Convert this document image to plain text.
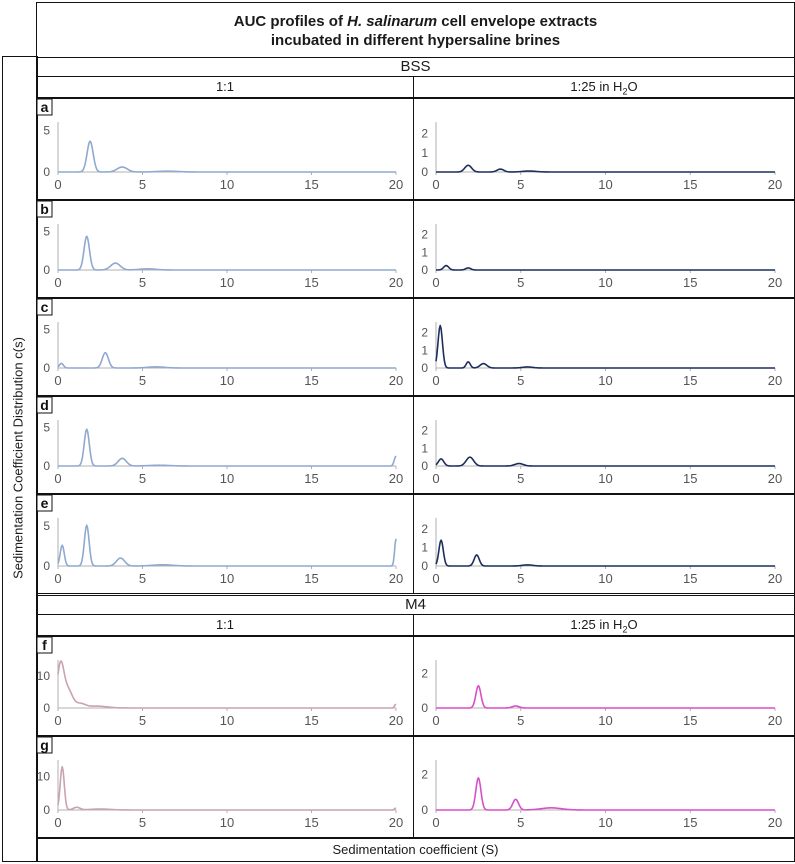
AUC profiles of H. salinarum cell envelope extracts
incubated in different hypersaline brines
Sedimentation Coefficient Distribution c(s)
BSS
1:1	1:25 in $H_2O$
M4
1:1	1:25 in $H_2O$
a
0
5
0	5	10	15	20
0
1
2
0	5	10	15	20
b
0
5
0	5	10	15	20
0
1
2
0	5	10	15	20
c
0
5
0	5	10	15	20
0
1
2
0	5	10	15	20
d
0
5
0	5	10	15	20
0
1
2
0	5	10	15	20
e
0
5
0	5	10	15	20
0
1
2
0	5	10	15	20
f
0
10
0	5	10	15	20
0
2
0	5	10	15	20
g
0
10
0	5	10	15	20
0
2
0	5	10	15	20
Sedimentation coefficient (S)
